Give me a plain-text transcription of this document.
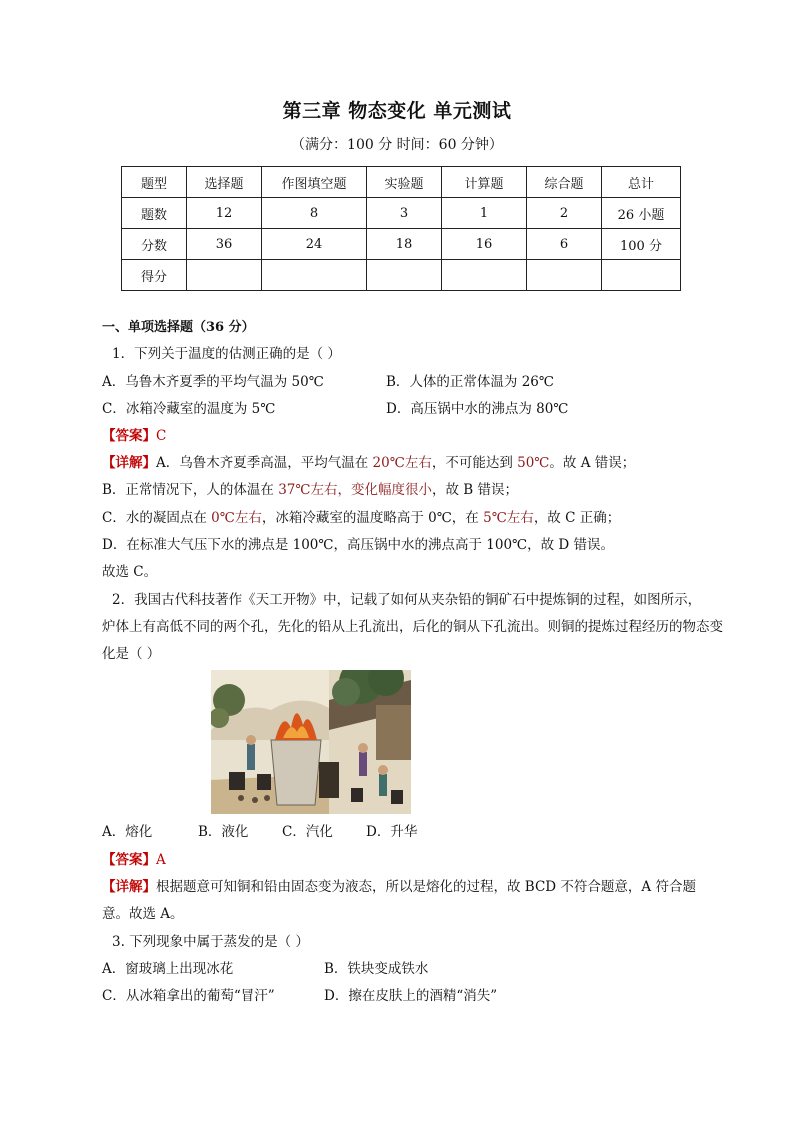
第三章 物态变化 单元测试
（满分：100 分 时间：60 分钟）
题型	选择题	作图填空题	实验题	计算题	综合题	总计
题数	12	8	3	1	2	26 小题
分数	36	24	18	16	6	100 分
得分						
一、单项选择题（36 分）
1．下列关于温度的估测正确的是（ ）
A．乌鲁木齐夏季的平均气温为 50℃	B．人体的正常体温为 26℃
C．冰箱冷藏室的温度为 5℃	D．高压锅中水的沸点为 80℃
【答案】C
【详解】A．乌鲁木齐夏季高温，平均气温在 20℃左右，不可能达到 50℃。故 A 错误；
B．正常情况下，人的体温在 37℃左右，变化幅度很小，故 B 错误；
C．水的凝固点在 0℃左右，冰箱冷藏室的温度略高于 0℃，在 5℃左右，故 C 正确；
D．在标准大气压下水的沸点是 100℃，高压锅中水的沸点高于 100℃，故 D 错误。
故选 C。
2．我国古代科技著作《天工开物》中，记载了如何从夹杂铅的铜矿石中提炼铜的过程，如图所示，
炉体上有高低不同的两个孔，先化的铅从上孔流出，后化的铜从下孔流出。则铜的提炼过程经历的物态变
化是（ ）
A．熔化	B．液化 C．汽化 D．升华
【答案】A
【详解】根据题意可知铜和铅由固态变为液态，所以是熔化的过程，故 BCD 不符合题意，A 符合题
意。故选 A。
3. 下列现象中属于蒸发的是（ ）
A．窗玻璃上出现冰花	B．铁块变成铁水
C．从冰箱拿出的葡萄“冒汗”	D．擦在皮肤上的酒精“消失”
